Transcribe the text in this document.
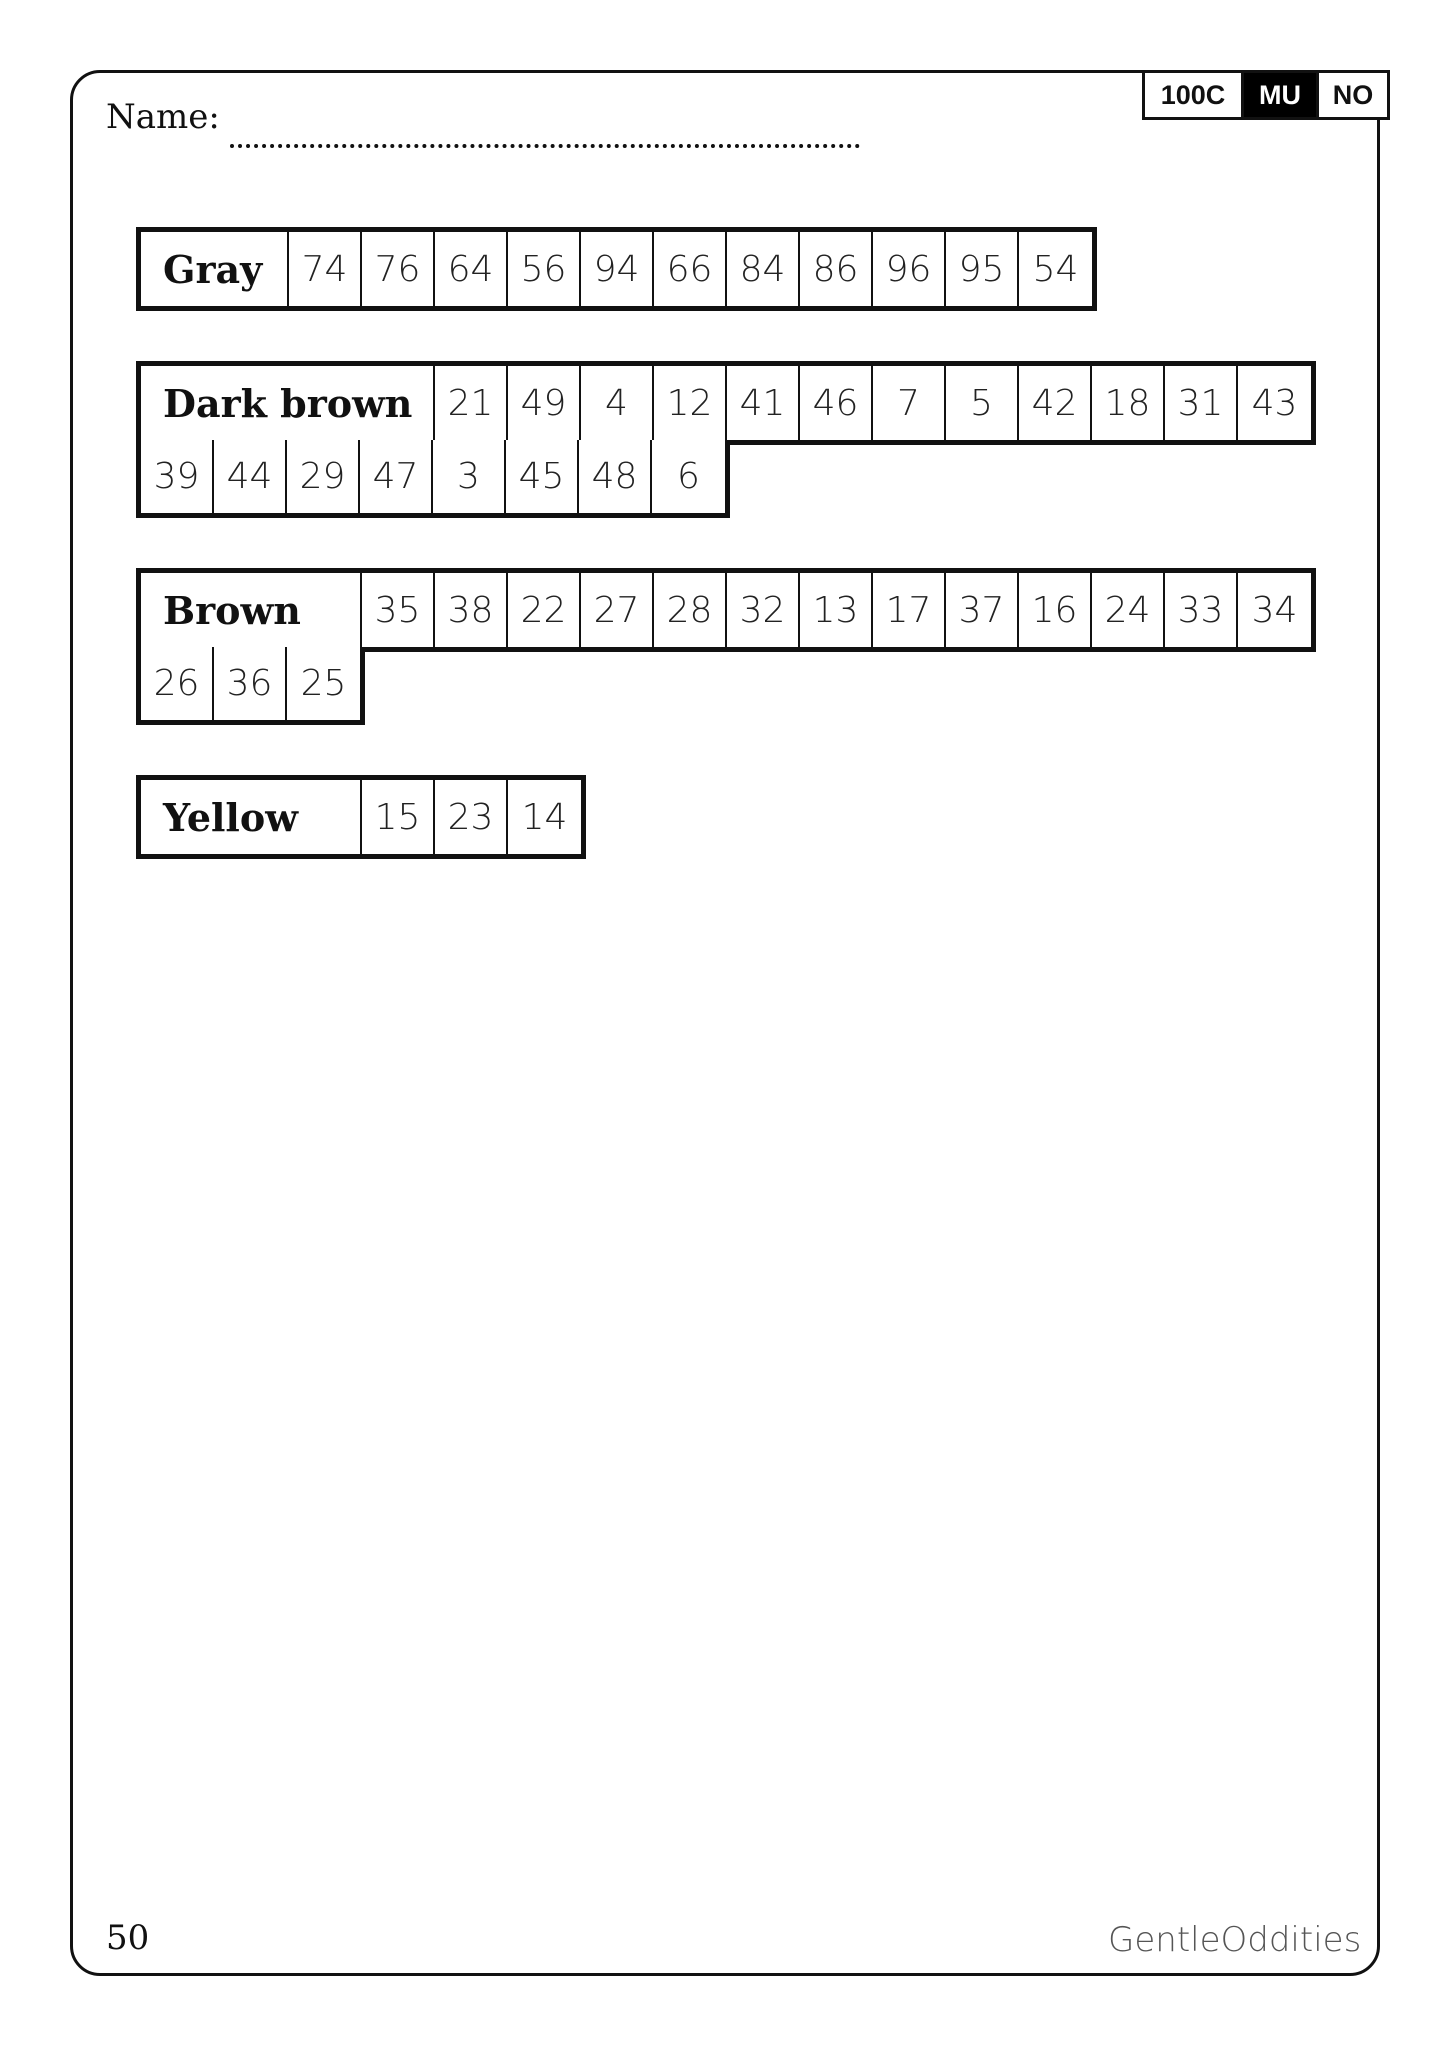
Name:
100C	MU	NO
Gray	74 76 64 56 94 66 84 86 96 95 54
Dark brown 21 49	4	12 41 46	7	5	42 18 31 43
39 44 29 47	3	45 48	6
Brown	35 38 22 27 28 32 13 17 37 16 24 33 34
26 36 25
Yellow	15 23 14
50	GentleOddities
